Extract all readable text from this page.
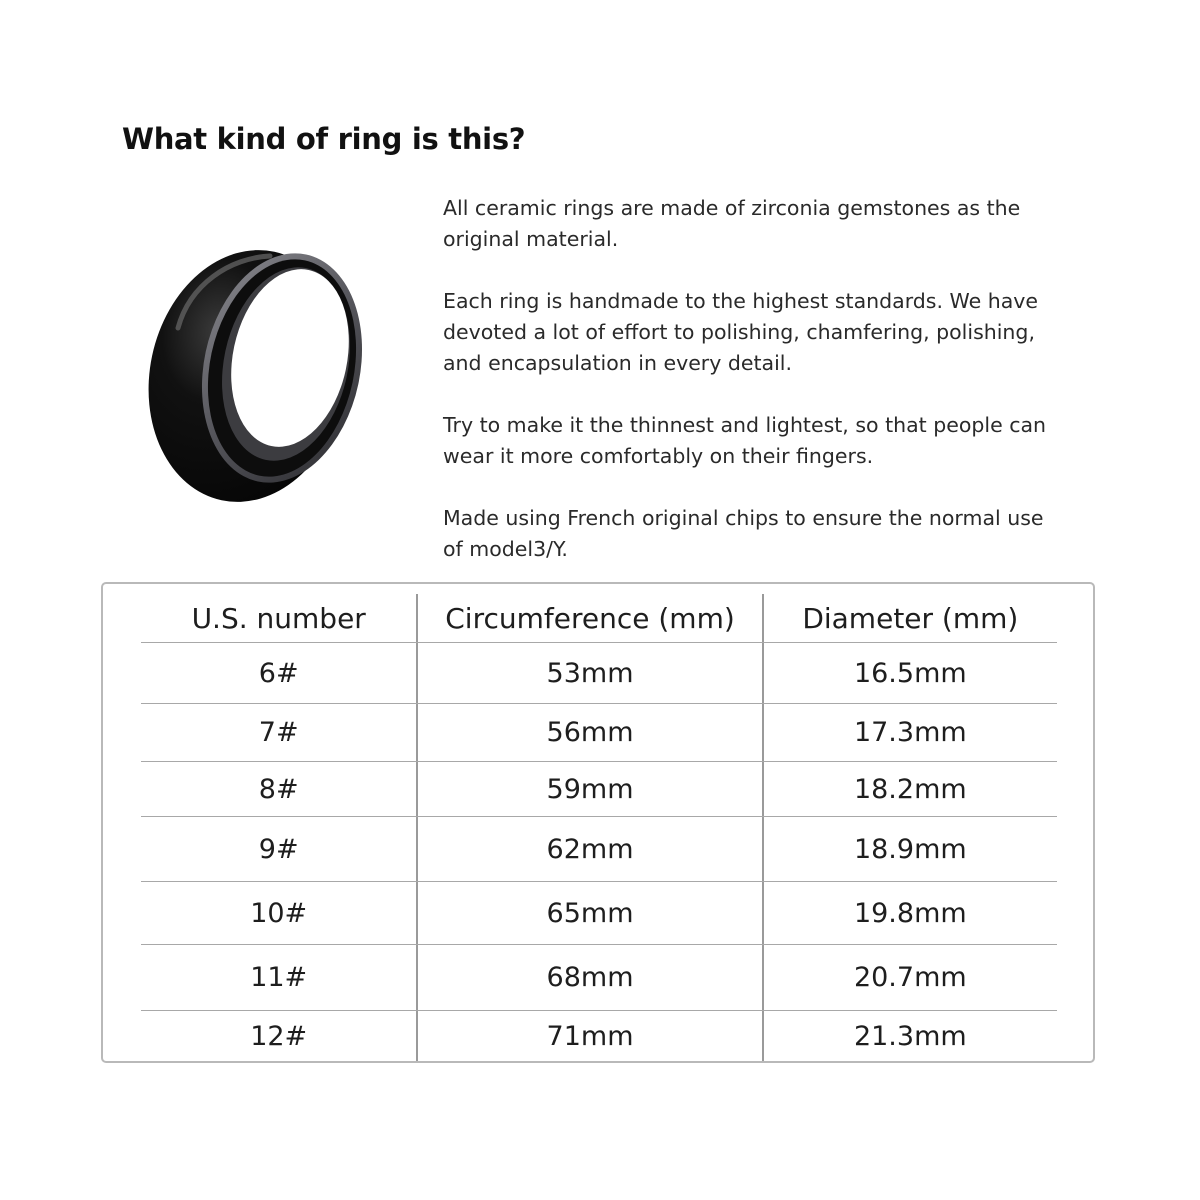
What kind of ring is this?

All ceramic rings are made of zirconia gemstones as the
original material.

Each ring is handmade to the highest standards. We have
devoted a lot of effort to polishing, chamfering, polishing,
and encapsulation in every detail.

Try to make it the thinnest and lightest, so that people can
wear it more comfortably on their fingers.

Made using French original chips to ensure the normal use
of model3/Y.

U.S. number	Circumference (mm)	Diameter (mm)
6#	53mm	16.5mm
7#	56mm	17.3mm
8#	59mm	18.2mm
9#	62mm	18.9mm
10#	65mm	19.8mm
11#	68mm	20.7mm
12#	71mm	21.3mm
